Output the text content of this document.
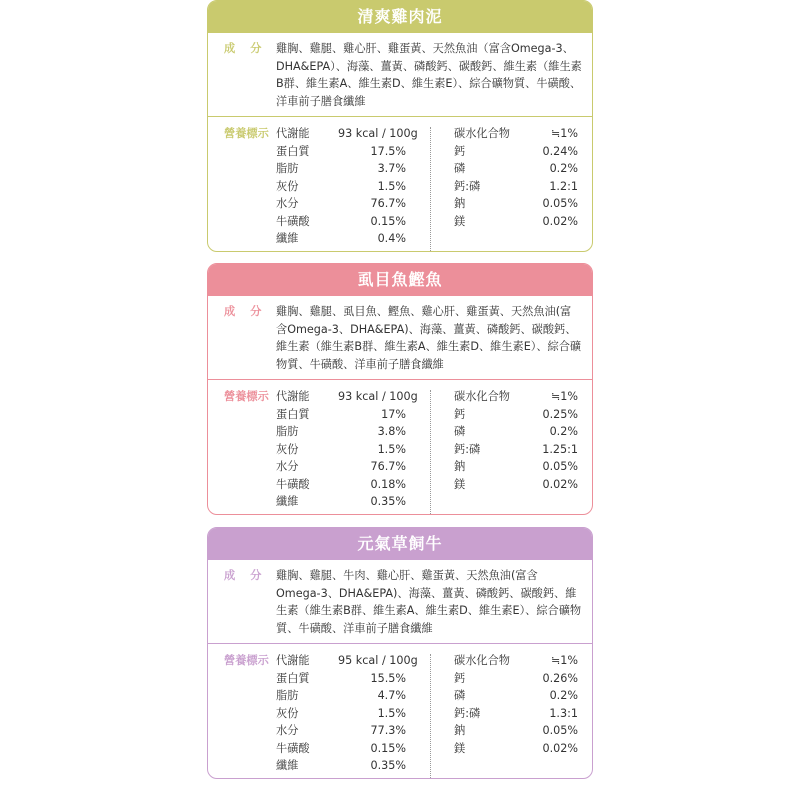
清爽雞肉泥
成分 雞胸、雞腿、雞心肝、雞蛋黃、天然魚油（富含Omega-3、DHA&EPA）、海藻、薑黃、磷酸鈣、碳酸鈣、維生素（維生素B群、維生素A、維生素D、維生素E）、綜合礦物質、牛磺酸、洋車前子膳食纖維
營養標示 代謝能
蛋白質
脂肪
灰份
水分
牛磺酸
纖維
93 kcal / 100g
17.5%
3.7%
1.5%
76.7%
0.15%
0.4%
碳水化合物
鈣
磷
鈣:磷
鈉
鎂
≒1%
0.24%
0.2%
1.2:1
0.05%
0.02%
虱目魚鰹魚
成分 雞胸、雞腿、虱目魚、鰹魚、雞心肝、雞蛋黃、天然魚油(富含Omega-3、DHA&EPA)、海藻、薑黃、磷酸鈣、碳酸鈣、維生素（維生素B群、維生素A、維生素D、維生素E）、綜合礦物質、牛磺酸、洋車前子膳食纖維
營養標示 代謝能
蛋白質
脂肪
灰份
水分
牛磺酸
纖維
93 kcal / 100g
17%
3.8%
1.5%
76.7%
0.18%
0.35%
碳水化合物
鈣
磷
鈣:磷
鈉
鎂
≒1%
0.25%
0.2%
1.25:1
0.05%
0.02%
元氣草飼牛
成分 雞胸、雞腿、牛肉、雞心肝、雞蛋黃、天然魚油(富含Omega-3、DHA&EPA)、海藻、薑黃、磷酸鈣、碳酸鈣、維生素（維生素B群、維生素A、維生素D、維生素E）、綜合礦物質、牛磺酸、洋車前子膳食纖維
營養標示 代謝能
蛋白質
脂肪
灰份
水分
牛磺酸
纖維
95 kcal / 100g
15.5%
4.7%
1.5%
77.3%
0.15%
0.35%
碳水化合物
鈣
磷
鈣:磷
鈉
鎂
≒1%
0.26%
0.2%
1.3:1
0.05%
0.02%
